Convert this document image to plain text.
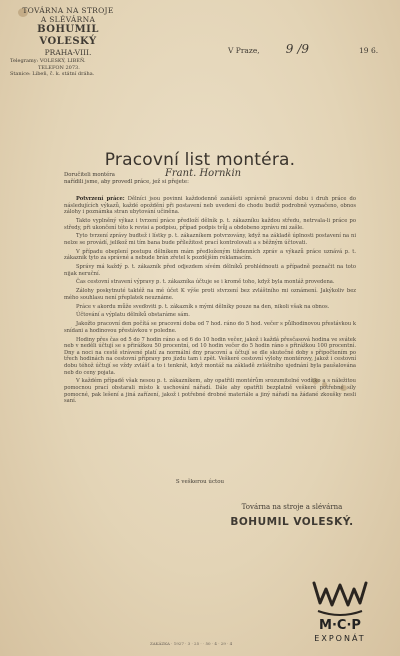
TOVÁRNA NA STROJE
A SLÉVÁRNA
BOHUMIL VOLESKÝ
PRAHA-VIII.
Telegramy: VOLESKÝ, LIBEŇ.
TELEFON 2073.
Stanice: Libeň, č. k. státní dráha.
Ⅴ Praze, 9 /9	19 6.
Pracovní list montéra.
Doručiteli montéra	Frant. Hornkin
nařídili jsme, aby provedl práce, jež si přejete:

Potvrzení práce: Dělníci jsou povinni každodenně zanášeti správně pracovní dobu i druh práce do následujících výkazů, každé opoždění při postavení neb uvedení do chodu budiž podrobně vyznačeno, obnos zálohy i poznámka stran ubytování učiněna.

Takto vyplněný výkaz i tvrzení práce předloží dělník p. t. zákazníku každou středu, netrvala-li práce po středy, při ukončení této k revisi a podpisu, případ podpis tvůj a obdobeno zprávu mi zašle.

Tyto tvrzení zprávy budtež i lístky p. t. zákazníkem potvrzovány, když na základě úplnosti postavení na ni nelze se provádí, jelikož mi tím bana bude příležitost prací kontrolovati a s běžným účtovati.

V případu obeplení postupu dělníkem mám předloženým tiždenních zpráv a výkazů práce uznává p. t. zákazník tyto za správné a nebude brán zřetel k pozdějším reklamacím.

Správy má každý p. t. zákazník před odjezdem sívém dělníků prohlédnouti a případně poznačit na toto nijak neruční.

Čas cestovní stravení výpravy p. t. zákazníka účtuje se i kromě toho, když byla montáž provedena.

Zálohy poskytnuté taktéž na mé účet K výše proti stvrzení bez zvláštního mi oznámení. Jakýkoliv bez mého souhlasu není přeplatek neuznáme.

Práce v akordu může sveďoviti p. t. zákazník s mými dělníky pouze na den, nikoli však na obnos.

Účtování a výplatu dělníků obstaráme sám.

Jakožto pracovní den počítá se pracovní doba od 7 hod. ráno do 5 hod. večer s půlhodinovou přestávkou k snídani a hodinovou přestávkou v poledne.

Hodiny přes čas od 5 do 7 hodin ráno a od 6 do 10 hodin večer, jakož i každá přesčasová hodina ve svátek neb v neděli účtují se s přirážkou 50 procentní, od 10 hodin večer do 5 hodin ráno s přirážkou 100 procentní. Dny a noci na cestě strávené platí za normální dny pracovní a účtují se dle skutečné doby s připočtením po třech hodinách na cestovní přípravy pro jízdu tam i zpět. Veškeré cestovní výlohy montérovy, jakož i cestovní dobu téhož účtují se vždy zvlášť a to i tenkrát, když montáž na základě zvláštního ujednání byla paušalována neb do ceny pojata.

V každém případě však nesou p. t. zákazníkem, aby opatřili montérům srozumitelné vodítko a s náležitou pomocnou prací obstarali místo k uschování nářadí. Dále aby opatřili bezplatně veškeré potřebné síly pomocné, pak lešení a jiná zařízení, jakož i potřebné drobné materiále a jiný nářadí na žádané zkoušky nesli saní.

S veškerou úctou
Továrna na stroje a slévárna
BOHUMIL VOLESKÝ.
M·C·P
EXPONÁT
ZAKÁZKA · 1927 · 3 · 25 · · 50 · 4 · 29 · 4
